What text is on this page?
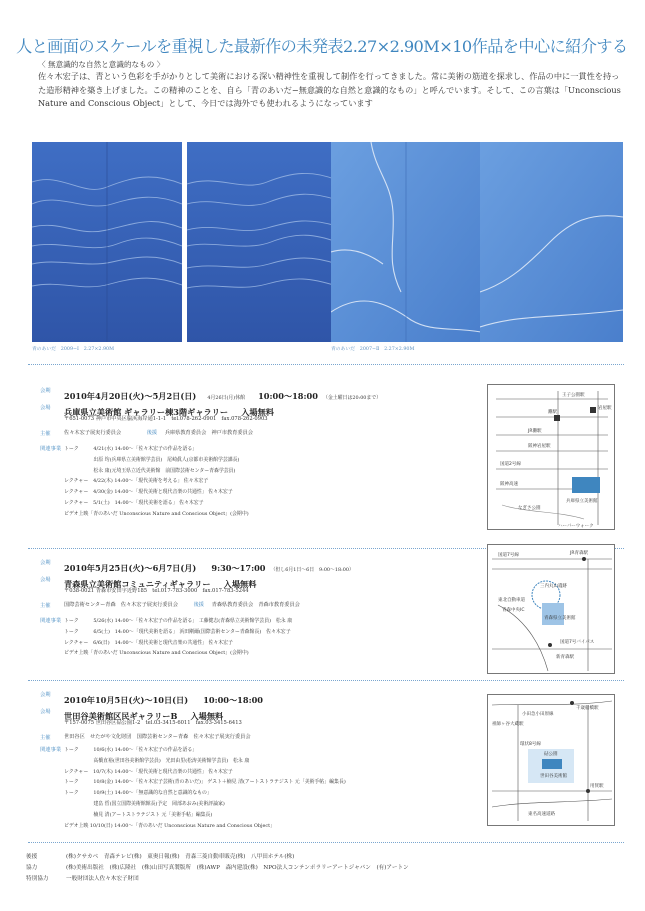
人と画面のスケールを重視した最新作の未発表2.27×2.90M×10作品を中心に紹介する
〈 無意識的な自然と意識的なもの 〉
佐々木宏子は、青という色彩を手がかりとして美術における深い精神性を重視して制作を行ってきました。常に美術の筋道を探求し、作品の中に一貫性を持った造形精神を築き上げました。この精神のことを、自ら「青のあいだ−無意識的な自然と意識的なもの」と呼んでいます。そして、この言葉は「Unconscious Nature and Conscious Object」として、今日では海外でも使われるようになっています
青のあいだ　2009−Ⅰ　2.27×2.90M	青のあいだ　2007−Ⅱ　2.27×2.90M
会期 2010年4月20日(火)〜5月2日(日) 4月26日(月)休館 10:00〜18:00 （金土曜日は20:00まで）
会場 兵庫県立美術館 ギャラリー棟3階ギャラリー 入場無料
〒651-0073 神戸市中央区脇浜海岸通1-1-1　tel.078-262-0901　fax.078-262-0903
主催	佐々木宏子展実行委員会	後援 兵庫県教育委員会　神戸市教育委員会
関連事業 トーク　　　4/21(水) 14:00〜「佐々木宏子の作品を語る」
　　　　　　出原 均(兵庫県立美術館学芸員)　尾崎眞人(京都市美術館学芸課長)
　　　　　　松永 康(元埼玉県立近代美術館　前国際芸術センター青森学芸員)
レクチャー　4/22(木) 14:00〜「現代美術を考える」 佐々木宏子
レクチャー　4/30(金) 14:00〜「現代美術と現代音楽の共通性」 佐々木宏子
レクチャー　5/1(土)　14:00〜「現代美術を語る」 佐々木宏子
ビデオ上映「青のあいだ Unconscious Nature and Conscious Object」(会期中)
王子公園駅
灘駅
岩屋駅
JR灘駅
阪神岩屋駅
国道2号線
阪神高速
兵庫県立美術館
ハーバーウォーク
なぎさ公園
会期 2010年5月25日(火)〜6月7日(月) 9:30〜17:00 （但し6月1日〜6日　9:00〜18:00）
会場 青森県立美術館コミュニティギャラリー 入場無料
〒038-0021 青森市安田字近野185　tel.017-783-3000　fax.017-783-5244
主催	国際芸術センター青森　佐々木宏子展実行委員会	後援 青森県教育委員会　青森市教育委員会
関連事業 トーク　　　5/26(水) 14:00〜「佐々木宏子の作品を語る」 工藤健志(青森県立美術館学芸員)　松永 康
トーク　　　6/5(土)　14:00〜「現代美術を語る」 浜田剛爾(国際芸術センター青森館長)　佐々木宏子
レクチャー　6/6(日)　14:00〜「現代美術と現代音楽の共通性」 佐々木宏子
ビデオ上映「青のあいだ Unconscious Nature and Conscious Object」(会期中)
国道7号線	JR青森駅
東北自動車道
青森中央IC
三内丸山遺跡
青森県立美術館
国道7号バイパス
新青森駅
会期 2010年10月5日(火)〜10日(日) 10:00〜18:00
会場 世田谷美術館区民ギャラリーB 入場無料
〒157-0075 世田谷区砧公園1-2　tel.03-3415-6011　fax.03-3415-6413
主催	世田谷区　せたがや文化財団　国際芸術センター青森　佐々木宏子展実行委員会
関連事業 トーク　　　10/6(水) 14:00〜「佐々木宏子の作品を語る」
　　　　　　高橋直裕(世田谷美術館学芸員)　光田由里(松涛美術館学芸員)　松永 康
レクチャー　10/7(木) 14:00〜「現代美術と現代音楽の共通性」 佐々木宏子
トーク　　　10/8(金) 14:00〜「佐々木宏子芸術(青のあいだ)」 ゲスト＋楠見 清(アートストラテジスト 元「美術手帖」編集長)
トーク　　　10/9(土) 14:00〜「無意識的な自然と意識的なもの」
　　　　　　建畠 晢(国立国際美術館館長)予定　岡部あおみ(美術評論家)
　　　　　　楠見 清(アートストラテジスト 元「美術手帖」編集長)
ビデオ上映 10/10(日) 14:00〜「青のあいだ Unconscious Nature and Conscious Object」
千歳船橋駅
小田急小田原線
用賀駅
環状8号線
東名高速道路
世田谷美術館
砧公園
祖師ヶ谷大蔵駅
後援	(株)クサカベ　青森テレビ(株)　東奥日報(株)　青森三菱自動車販売(株)　八甲田ホテル(株)
協力	(株)美術出版社　(株)広隆社　(株)山田写真製版所　(株)AWP　森内建設(株)　NPO法人コンテンポラリーアートジャパン　(有)アートン
特別協力	一般財団法人佐々木宏子財団
